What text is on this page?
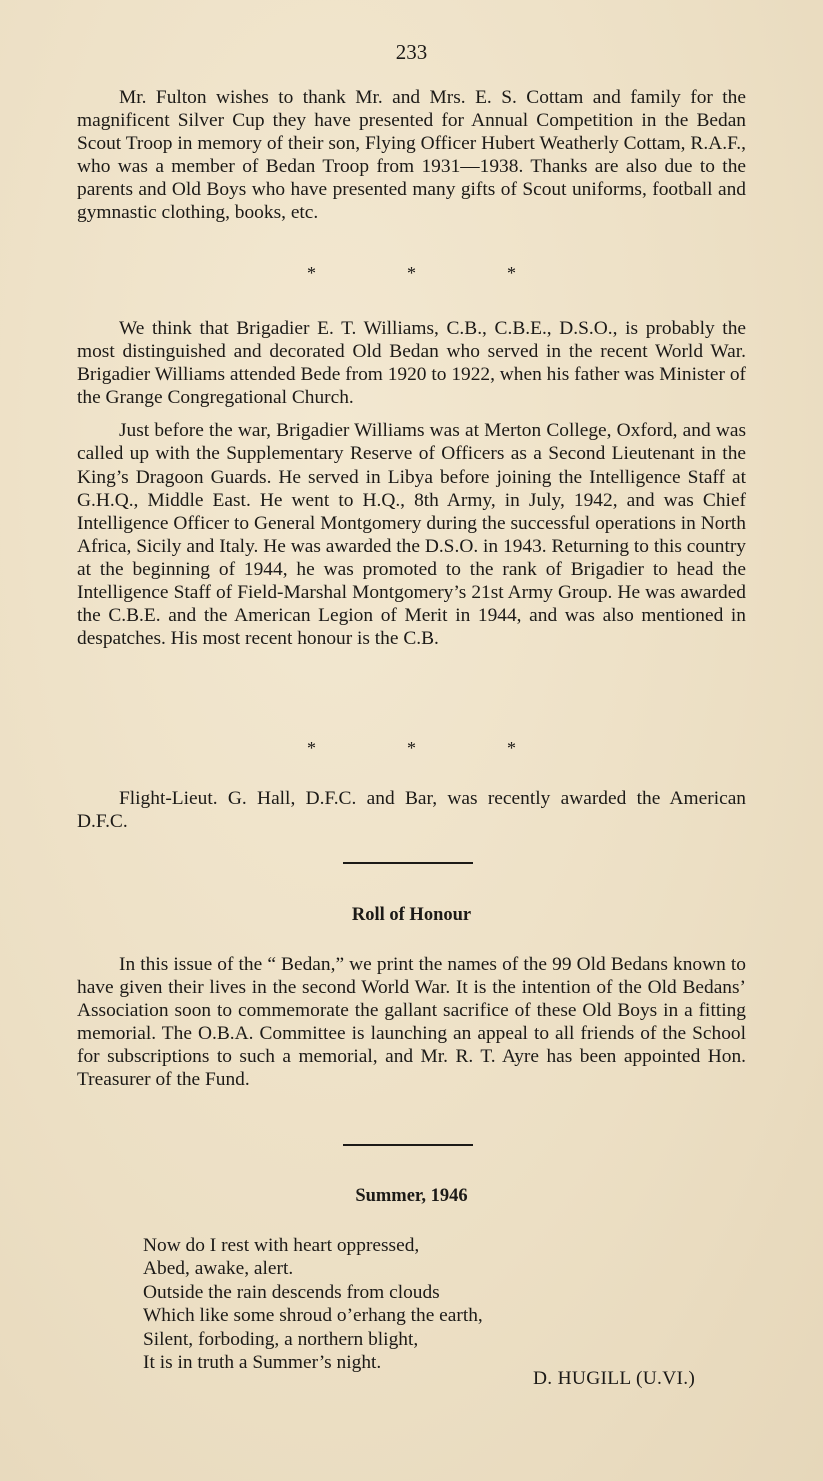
233

Mr. Fulton wishes to thank Mr. and Mrs. E. S. Cottam and family for the magnificent Silver Cup they have presented for Annual Competition in the Bedan Scout Troop in memory of their son, Flying Officer Hubert Weatherly Cottam, R.A.F., who was a member of Bedan Troop from 1931—1938. Thanks are also due to the parents and Old Boys who have presented many gifts of Scout uniforms, football and gymnastic clothing, books, etc.

*	*	*

We think that Brigadier E. T. Williams, C.B., C.B.E., D.S.O., is probably the most distinguished and decorated Old Bedan who served in the recent World War. Brigadier Williams attended Bede from 1920 to 1922, when his father was Minister of the Grange Congregational Church.

Just before the war, Brigadier Williams was at Merton College, Oxford, and was called up with the Supplementary Reserve of Officers as a Second Lieutenant in the King’s Dragoon Guards. He served in Libya before joining the Intelligence Staff at G.H.Q., Middle East. He went to H.Q., 8th Army, in July, 1942, and was Chief Intelligence Officer to General Montgomery during the successful operations in North Africa, Sicily and Italy. He was awarded the D.S.O. in 1943. Returning to this country at the beginning of 1944, he was promoted to the rank of Brigadier to head the Intelligence Staff of Field-Marshal Montgomery’s 21st Army Group. He was awarded the C.B.E. and the American Legion of Merit in 1944, and was also mentioned in despatches. His most recent honour is the C.B.

*	*	*

Flight-Lieut. G. Hall, D.F.C. and Bar, was recently awarded the American D.F.C.

Roll of Honour

In this issue of the “ Bedan,” we print the names of the 99 Old Bedans known to have given their lives in the second World War. It is the intention of the Old Bedans’ Association soon to commemorate the gallant sacrifice of these Old Boys in a fitting memorial. The O.B.A. Committee is launching an appeal to all friends of the School for subscriptions to such a memorial, and Mr. R. T. Ayre has been appointed Hon. Treasurer of the Fund.

Summer, 1946
Now do I rest with heart oppressed,
Abed, awake, alert.
Outside the rain descends from clouds
Which like some shroud o’erhang the earth,
Silent, forboding, a northern blight,
It is in truth a Summer’s night.
D. HUGILL (U.VI.)
